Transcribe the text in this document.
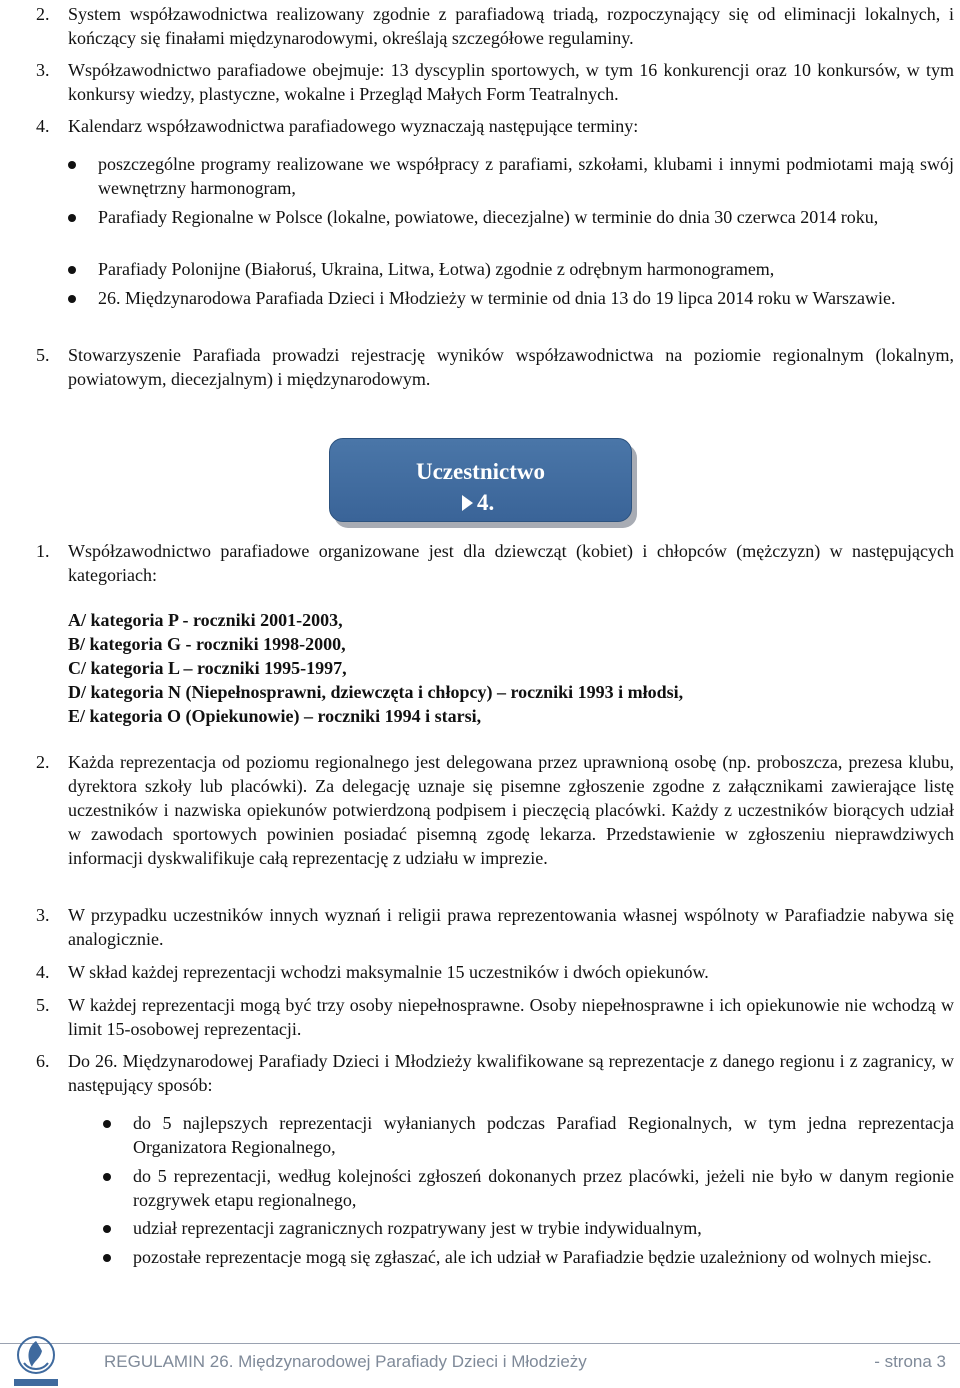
2. System współzawodnictwa realizowany zgodnie z parafiadową triadą, rozpoczynający się od eliminacji lokalnych, i kończący się finałami międzynarodowymi, określają szczegółowe regulaminy.
3. Współzawodnictwo parafiadowe obejmuje: 13 dyscyplin sportowych, w tym 16 konkurencji oraz 10 konkursów, w tym konkursy wiedzy, plastyczne, wokalne i Przegląd Małych Form Teatralnych.
4. Kalendarz współzawodnictwa parafiadowego wyznaczają następujące terminy:
poszczególne programy realizowane we współpracy z parafiami, szkołami, klubami i innymi podmiotami mają swój wewnętrzny harmonogram,
Parafiady Regionalne w Polsce (lokalne, powiatowe, diecezjalne) w terminie do dnia 30 czerwca 2014 roku,
Parafiady Polonijne (Białoruś, Ukraina, Litwa, Łotwa) zgodnie z odrębnym harmonogramem,
26. Międzynarodowa Parafiada Dzieci i Młodzieży w terminie od dnia 13 do 19 lipca 2014 roku w Warszawie.
5. Stowarzyszenie Parafiada prowadzi rejestrację wyników współzawodnictwa na poziomie regionalnym (lokalnym, powiatowym, diecezjalnym) i międzynarodowym.
Uczestnictwo
4.
1. Współzawodnictwo parafiadowe organizowane jest dla dziewcząt (kobiet) i chłopców (mężczyzn) w następujących kategoriach:
A/ kategoria P - roczniki 2001-2003,
B/ kategoria G - roczniki 1998-2000,
C/ kategoria L – roczniki 1995-1997,
D/ kategoria N (Niepełnosprawni, dziewczęta i chłopcy) – roczniki 1993 i młodsi,
E/ kategoria O (Opiekunowie) – roczniki 1994 i starsi,
2. Każda reprezentacja od poziomu regionalnego jest delegowana przez uprawnioną osobę (np. proboszcza, prezesa klubu, dyrektora szkoły lub placówki). Za delegację uznaje się pisemne zgłoszenie zgodne z załącznikami zawierające listę uczestników i nazwiska opiekunów potwierdzoną podpisem i pieczęcią placówki. Każdy z uczestników biorących udział w zawodach sportowych powinien posiadać pisemną zgodę lekarza. Przedstawienie w zgłoszeniu nieprawdziwych informacji dyskwalifikuje całą reprezentację z udziału w imprezie.
3. W przypadku uczestników innych wyznań i religii prawa reprezentowania własnej wspólnoty w Parafiadzie nabywa się analogicznie.
4. W skład każdej reprezentacji wchodzi maksymalnie 15 uczestników i dwóch opiekunów.
5. W każdej reprezentacji mogą być trzy osoby niepełnosprawne. Osoby niepełnosprawne i ich opiekunowie nie wchodzą w limit 15-osobowej reprezentacji.
6. Do 26. Międzynarodowej Parafiady Dzieci i Młodzieży kwalifikowane są reprezentacje z danego regionu i z zagranicy, w następujący sposób:
do 5 najlepszych reprezentacji wyłanianych podczas Parafiad Regionalnych, w tym jedna reprezentacja Organizatora Regionalnego,
do 5 reprezentacji, według kolejności zgłoszeń dokonanych przez placówki, jeżeli nie było w danym regionie rozgrywek etapu regionalnego,
udział reprezentacji zagranicznych rozpatrywany jest w trybie indywidualnym,
pozostałe reprezentacje mogą się zgłaszać, ale ich udział w Parafiadzie będzie uzależniony od wolnych miejsc.
REGULAMIN 26. Międzynarodowej Parafiady Dzieci i Młodzieży	- strona 3
